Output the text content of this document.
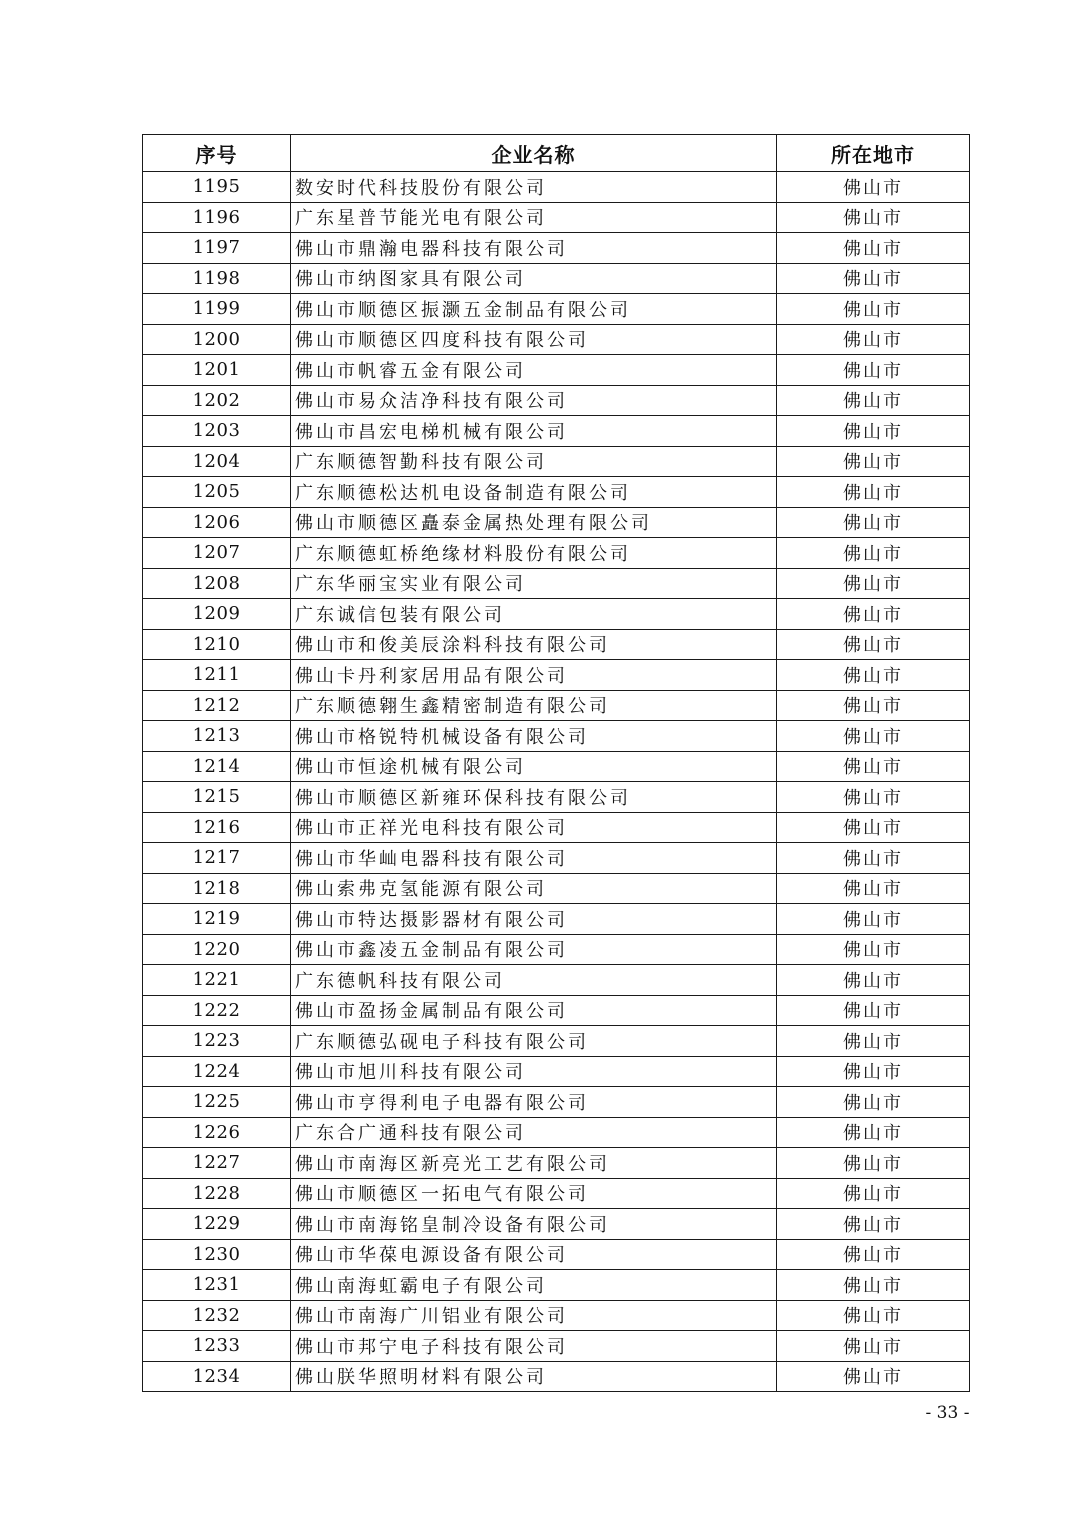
序号	企业名称	所在地市
1195	数安时代科技股份有限公司	佛山市
1196	广东星普节能光电有限公司	佛山市
1197	佛山市鼎瀚电器科技有限公司	佛山市
1198	佛山市纳图家具有限公司	佛山市
1199	佛山市顺德区振灏五金制品有限公司	佛山市
1200	佛山市顺德区四度科技有限公司	佛山市
1201	佛山市帆睿五金有限公司	佛山市
1202	佛山市易众洁净科技有限公司	佛山市
1203	佛山市昌宏电梯机械有限公司	佛山市
1204	广东顺德智勤科技有限公司	佛山市
1205	广东顺德松达机电设备制造有限公司	佛山市
1206	佛山市顺德区矗泰金属热处理有限公司	佛山市
1207	广东顺德虹桥绝缘材料股份有限公司	佛山市
1208	广东华丽宝实业有限公司	佛山市
1209	广东诚信包装有限公司	佛山市
1210	佛山市和俊美辰涂料科技有限公司	佛山市
1211	佛山卡丹利家居用品有限公司	佛山市
1212	广东顺德翱生鑫精密制造有限公司	佛山市
1213	佛山市格锐特机械设备有限公司	佛山市
1214	佛山市恒途机械有限公司	佛山市
1215	佛山市顺德区新雍环保科技有限公司	佛山市
1216	佛山市正祥光电科技有限公司	佛山市
1217	佛山市华屾电器科技有限公司	佛山市
1218	佛山索弗克氢能源有限公司	佛山市
1219	佛山市特达摄影器材有限公司	佛山市
1220	佛山市鑫凌五金制品有限公司	佛山市
1221	广东德帆科技有限公司	佛山市
1222	佛山市盈扬金属制品有限公司	佛山市
1223	广东顺德弘砚电子科技有限公司	佛山市
1224	佛山市旭川科技有限公司	佛山市
1225	佛山市亨得利电子电器有限公司	佛山市
1226	广东合广通科技有限公司	佛山市
1227	佛山市南海区新亮光工艺有限公司	佛山市
1228	佛山市顺德区一拓电气有限公司	佛山市
1229	佛山市南海铭皇制冷设备有限公司	佛山市
1230	佛山市华葆电源设备有限公司	佛山市
1231	佛山南海虹霸电子有限公司	佛山市
1232	佛山市南海广川铝业有限公司	佛山市
1233	佛山市邦宁电子科技有限公司	佛山市
1234	佛山朕华照明材料有限公司	佛山市
- 33 -
